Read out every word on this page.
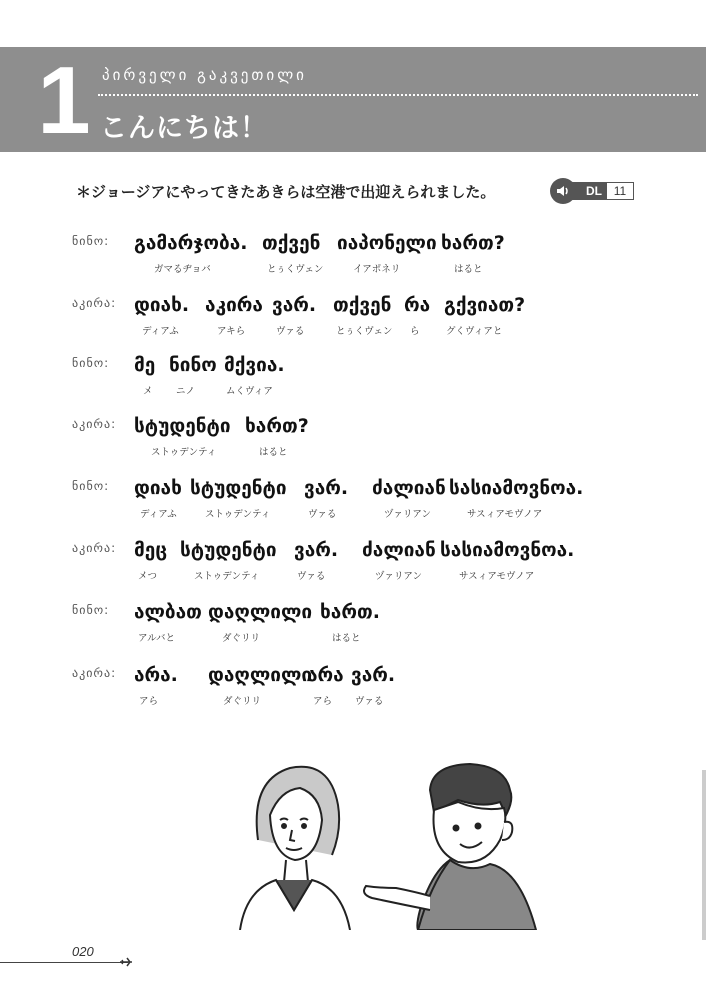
1 პირველი გაკვეთილი
こんにちは！
＊ジョージアにやってきたあきらは空港で出迎えられました。	DL 11
ნინო: გამარჯობა.
ガマるヂョバ
თქვენ
とぅくヴェン
იაპონელი
イアポネリ
ხართ?
はると
აკირა: დიახ.
ディアふ
აკირა
アキら
ვარ.
ヴァる
თქვენ
とぅくヴェン
რა
ら
გქვიათ?
グくヴィアと
ნინო: მე
メ
ნინო
ニノ
მქვია.
ムくヴィア
აკირა: სტუდენტი
ストゥデンティ
ხართ?
はると
ნინო: დიახ
ディアふ
სტუდენტი
ストゥデンティ
ვარ.
ヴァる
ძალიან
ヅァリアン
სასიამოვნოა.
サスィアモヴノア
აკირა: მეც
メつ
სტუდენტი
ストゥデンティ
ვარ.
ヴァる
ძალიან
ヅァリアン
სასიამოვნოა.
サスィアモヴノア
ნინო: ალბათ
アルバと
დაღლილი
ダぐリリ
ხართ.
はると
აკირა: არა.
アら
დაღლილი
ダぐリリ
არა
アら
ვარ.
ヴァる
020
